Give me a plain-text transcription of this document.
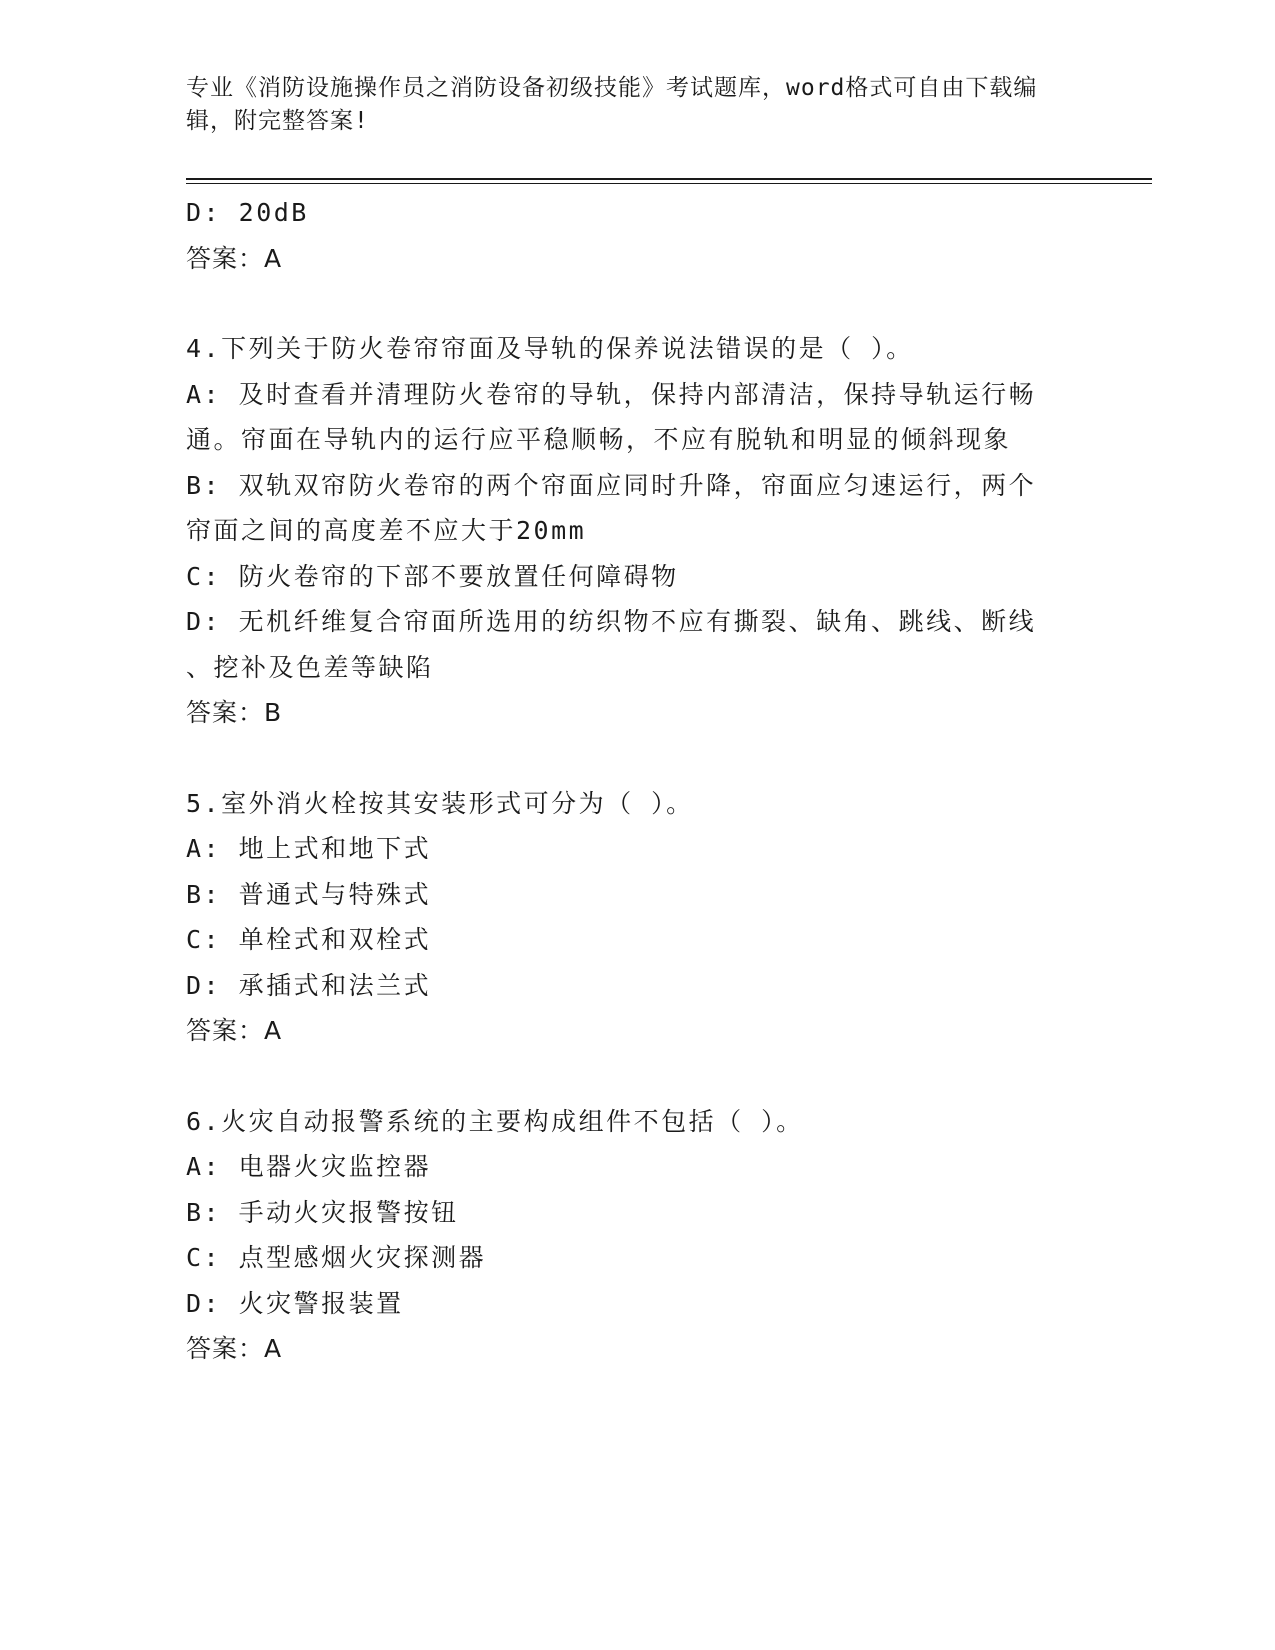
专业《消防设施操作员之消防设备初级技能》考试题库，word格式可自由下载编
辑，附完整答案!
D: 20dB
答案：A
4.下列关于防火卷帘帘面及导轨的保养说法错误的是（ ）。
A: 及时查看并清理防火卷帘的导轨，保持内部清洁，保持导轨运行畅
通。帘面在导轨内的运行应平稳顺畅，不应有脱轨和明显的倾斜现象
B: 双轨双帘防火卷帘的两个帘面应同时升降，帘面应匀速运行，两个
帘面之间的高度差不应大于20mm
C: 防火卷帘的下部不要放置任何障碍物
D: 无机纤维复合帘面所选用的纺织物不应有撕裂、缺角、跳线、断线
、挖补及色差等缺陷
答案：B
5.室外消火栓按其安装形式可分为（ ）。
A: 地上式和地下式
B: 普通式与特殊式
C: 单栓式和双栓式
D: 承插式和法兰式
答案：A
6.火灾自动报警系统的主要构成组件不包括（ ）。
A: 电器火灾监控器
B: 手动火灾报警按钮
C: 点型感烟火灾探测器
D: 火灾警报装置
答案：A
